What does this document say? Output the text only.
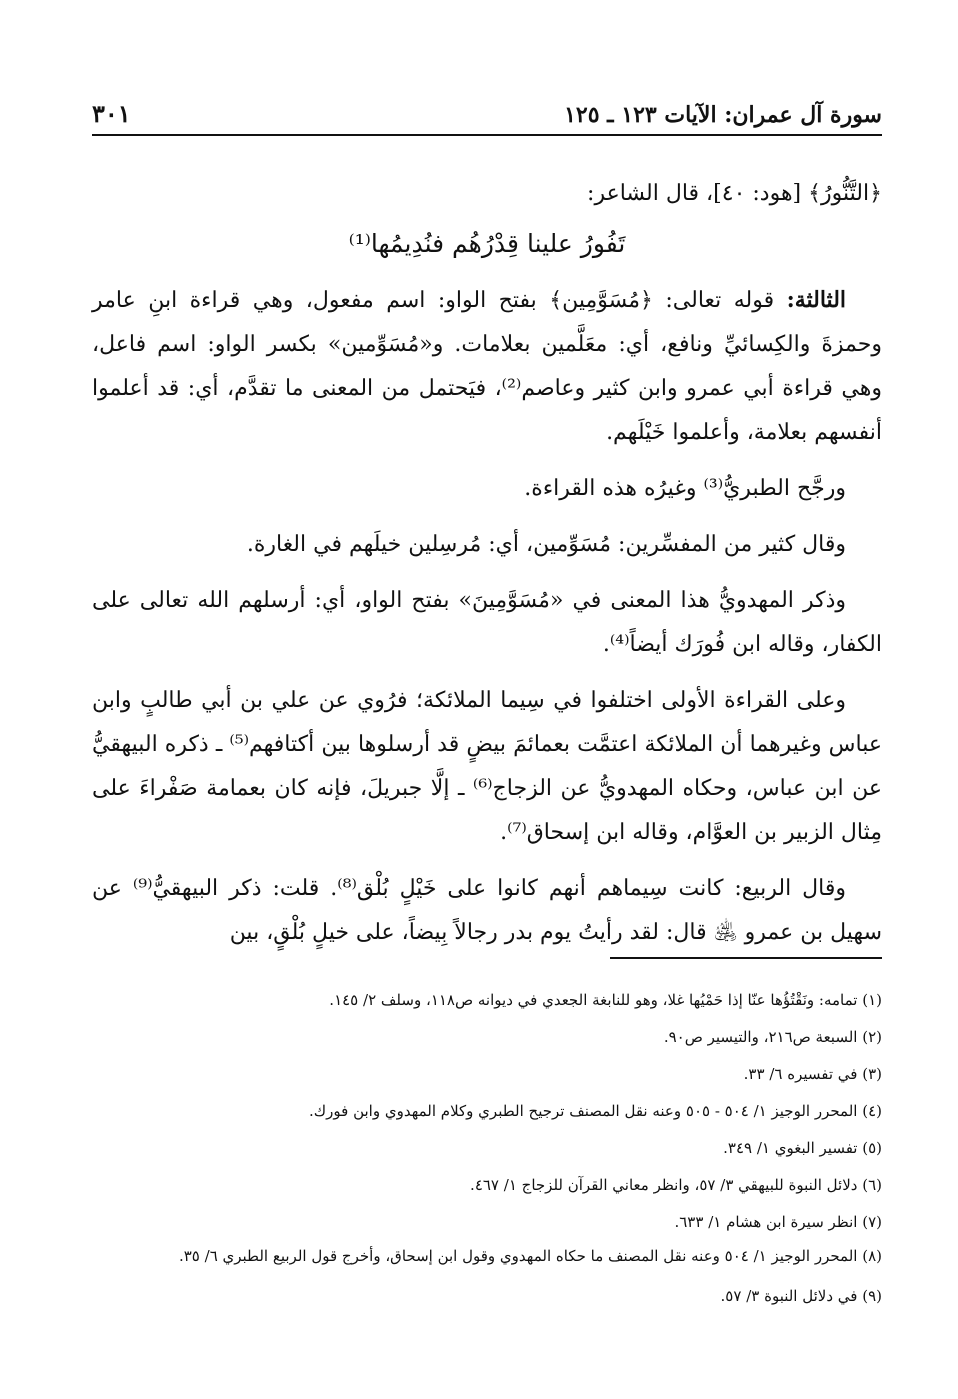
سورة آل عمران: الآيات ١٢٣ ـ ١٢٥
٣٠١

﴿التَّنُّورُ﴾ [هود: ٤٠]، قال الشاعر:

تَفُورُ علينا قِدْرُهُم فنُدِيمُها⁽¹⁾

الثالثة: قوله تعالى: ﴿مُسَوَّمِين﴾ بفتح الواو: اسم مفعول، وهي قراءة ابنِ عامر وحمزةَ والكِسائيِّ ونافع، أي: معَلَّمين بعلامات. و«مُسَوِّمين» بكسر الواو: اسم فاعل، وهي قراءة أبي عمرو وابن كثير وعاصم⁽²⁾، فيَحتمل من المعنى ما تقدَّم، أي: قد أعلموا أنفسهم بعلامة، وأعلموا خَيْلَهم.

ورجَّح الطبريُّ⁽³⁾ وغيرُه هذه القراءة.

وقال كثير من المفسِّرين: مُسَوِّمين، أي: مُرسِلين خيلَهم في الغارة.

وذكر المهدويُّ هذا المعنى في «مُسَوَّمِينَ» بفتح الواو، أي: أرسلهم الله تعالى على الكفار، وقاله ابن فُورَك أيضاً⁽⁴⁾.

وعلى القراءة الأولى اختلفوا في سِيما الملائكة؛ فرُوي عن علي بن أبي طالبٍ وابن عباس وغيرهما أن الملائكة اعتمَّت بعمائمَ بيضٍ قد أرسلوها بين أكتافهم⁽⁵⁾ ـ ذكره البيهقيُّ عن ابن عباس، وحكاه المهدويُّ عن الزجاج⁽⁶⁾ ـ إلَّا جبريلَ، فإنه كان بعمامة صَفْراءَ على مِثال الزبير بن العوَّام، وقاله ابن إسحاق⁽⁷⁾.

وقال الربيع: كانت سِيماهم أنهم كانوا على خَيْلٍ بُلْق⁽⁸⁾. قلت: ذكر البيهقيُّ⁽⁹⁾ عن سهيل بن عمرو ﵁ قال: لقد رأيتُ يوم بدر رجالاً بِيضاً، على خيلٍ بُلْقٍ، بين

(١) تمامه: ونَقْتُؤُها عنّا إذا حَمْيُها غلا، وهو للنابغة الجعدي في ديوانه ص١١٨، وسلف ٢/ ١٤٥.

(٢) السبعة ص٢١٦، والتيسير ص٩٠.

(٣) في تفسيره ٦/ ٣٣.

(٤) المحرر الوجيز ١/ ٥٠٤ - ٥٠٥ وعنه نقل المصنف ترجيح الطبري وكلام المهدوي وابن فورك.

(٥) تفسير البغوي ١/ ٣٤٩.

(٦) دلائل النبوة للبيهقي ٣/ ٥٧، وانظر معاني القرآن للزجاج ١/ ٤٦٧.

(٧) انظر سيرة ابن هشام ١/ ٦٣٣.

(٨) المحرر الوجيز ١/ ٥٠٤ وعنه نقل المصنف ما حكاه المهدوي وقول ابن إسحاق، وأخرج قول الربيع الطبري ٦/ ٣٥.

(٩) في دلائل النبوة ٣/ ٥٧.
